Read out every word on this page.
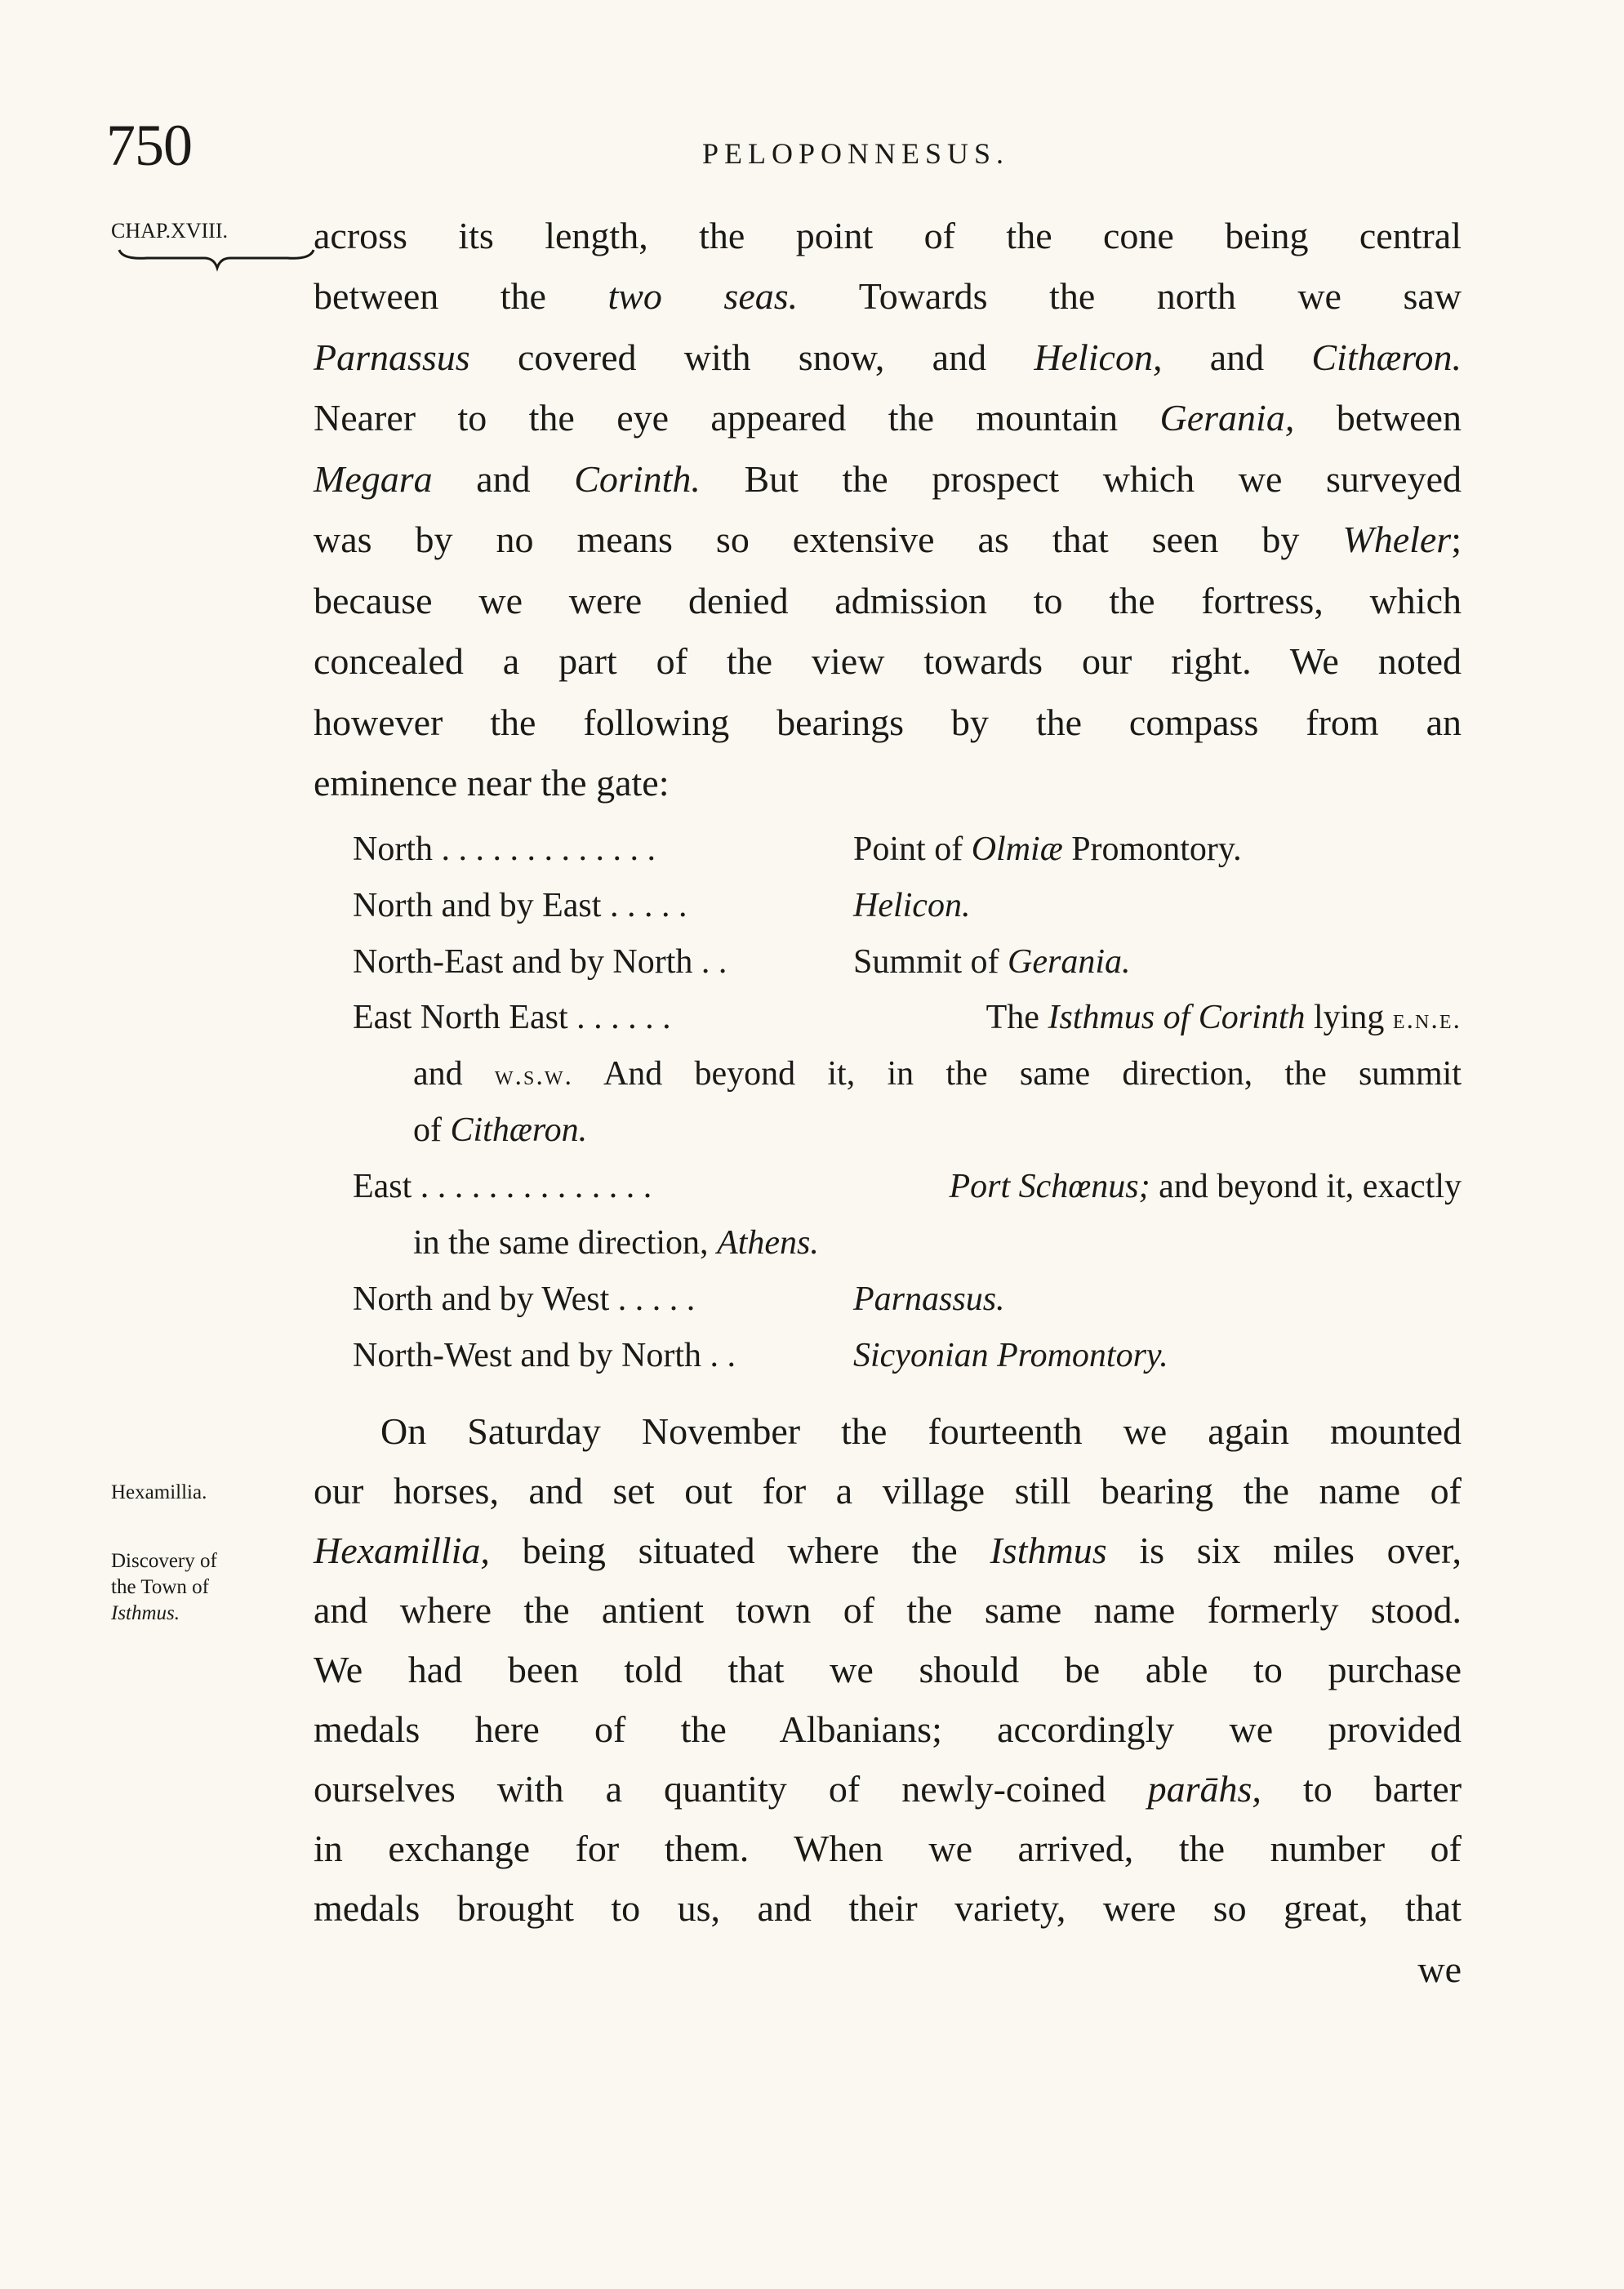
750	PELOPONNESUS.
CHAP.XVIII.
Hexamillia.
Discovery of
the Town of
Isthmus.
across its length, the point of the cone being central
between the two seas. Towards the north we saw
Parnassus covered with snow, and Helicon, and Cithæron.
Nearer to the eye appeared the mountain Gerania, between
Megara and Corinth. But the prospect which we surveyed
was by no means so extensive as that seen by Wheler;
because we were denied admission to the fortress, which
concealed a part of the view towards our right. We noted
however the following bearings by the compass from an
eminence near the gate:
North . . . . . . . . . . . . .	Point of Olmiæ Promontory.
North and by East . . . . .	Helicon.
North-East and by North . .	Summit of Gerania.
East North East . . . . . .	The Isthmus of Corinth lying e.n.e.
and w.s.w. And beyond it, in the same direction, the summit
of Cithæron.
East . . . . . . . . . . . . . .	Port Schœnus; and beyond it, exactly
in the same direction, Athens.
North and by West . . . . .	Parnassus.
North-West and by North . .	Sicyonian Promontory.
On Saturday November the fourteenth we again mounted
our horses, and set out for a village still bearing the name of
Hexamillia, being situated where the Isthmus is six miles over,
and where the antient town of the same name formerly stood.
We had been told that we should be able to purchase
medals here of the Albanians; accordingly we provided
ourselves with a quantity of newly-coined parāhs, to barter
in exchange for them. When we arrived, the number of
medals brought to us, and their variety, were so great, that
we
